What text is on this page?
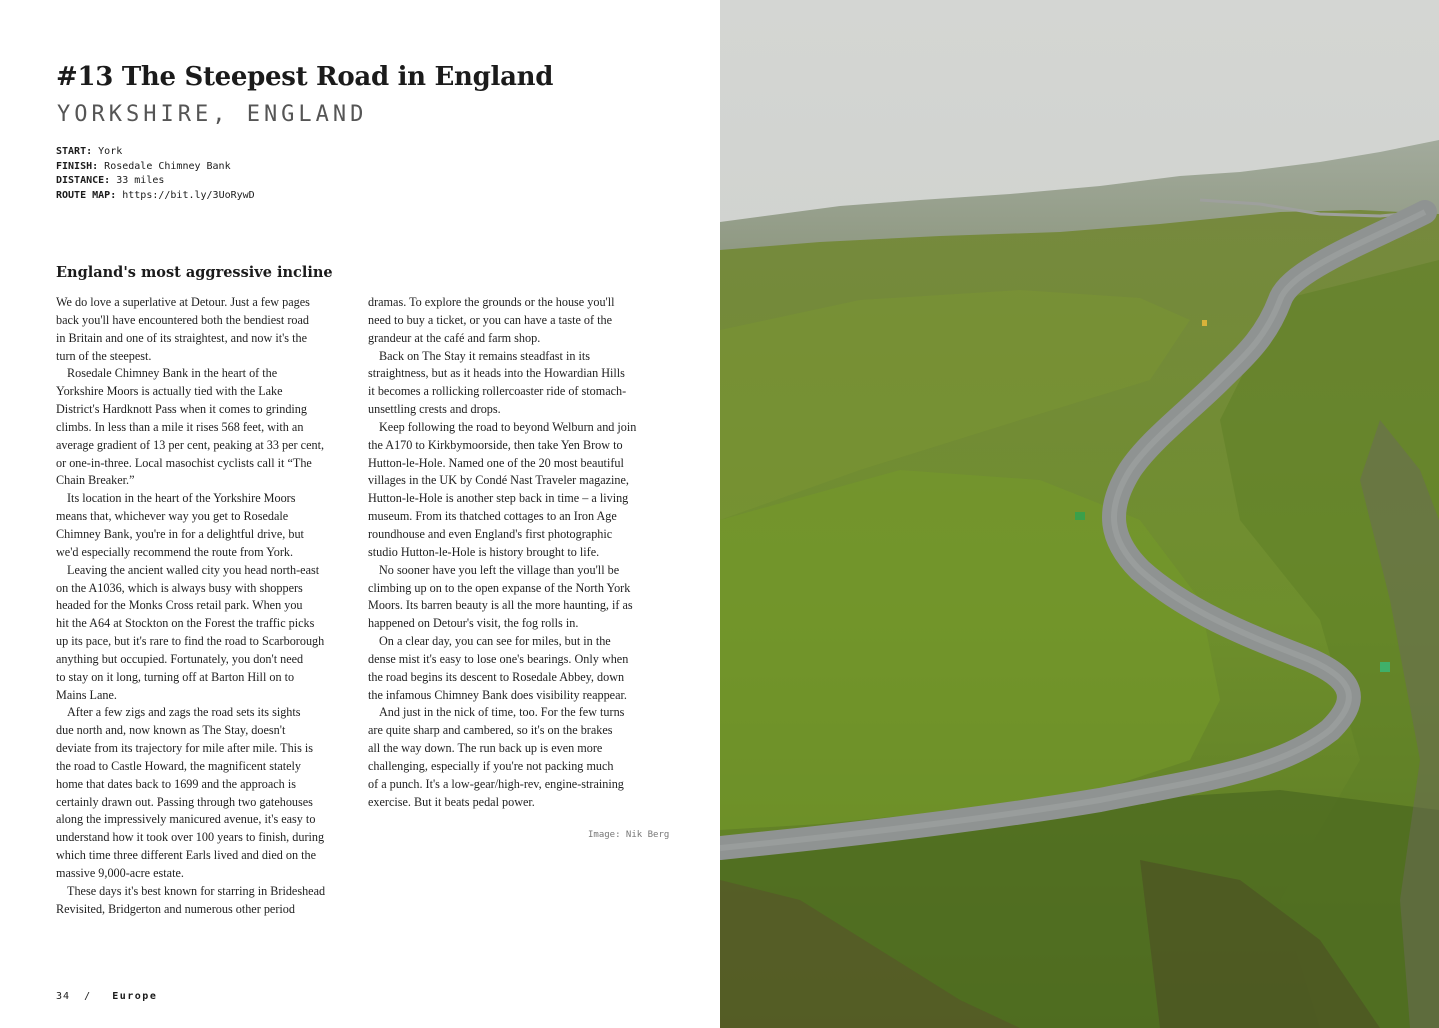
#13 The Steepest Road in England
YORKSHIRE, ENGLAND
START: York
FINISH: Rosedale Chimney Bank
DISTANCE: 33 miles
ROUTE MAP: https://bit.ly/3UoRywD
England's most aggressive incline
We do love a superlative at Detour. Just a few pages
back you'll have encountered both the bendiest road
in Britain and one of its straightest, and now it's the
turn of the steepest.
Rosedale Chimney Bank in the heart of the
Yorkshire Moors is actually tied with the Lake
District's Hardknott Pass when it comes to grinding
climbs. In less than a mile it rises 568 feet, with an
average gradient of 13 per cent, peaking at 33 per cent,
or one-in-three. Local masochist cyclists call it “The
Chain Breaker.”
Its location in the heart of the Yorkshire Moors
means that, whichever way you get to Rosedale
Chimney Bank, you're in for a delightful drive, but
we'd especially recommend the route from York.
Leaving the ancient walled city you head north-east
on the A1036, which is always busy with shoppers
headed for the Monks Cross retail park. When you
hit the A64 at Stockton on the Forest the traffic picks
up its pace, but it's rare to find the road to Scarborough
anything but occupied. Fortunately, you don't need
to stay on it long, turning off at Barton Hill on to
Mains Lane.
After a few zigs and zags the road sets its sights
due north and, now known as The Stay, doesn't
deviate from its trajectory for mile after mile. This is
the road to Castle Howard, the magnificent stately
home that dates back to 1699 and the approach is
certainly drawn out. Passing through two gatehouses
along the impressively manicured avenue, it's easy to
understand how it took over 100 years to finish, during
which time three different Earls lived and died on the
massive 9,000-acre estate.
These days it's best known for starring in Brideshead
Revisited, Bridgerton and numerous other period
dramas. To explore the grounds or the house you'll
need to buy a ticket, or you can have a taste of the
grandeur at the café and farm shop.
Back on The Stay it remains steadfast in its
straightness, but as it heads into the Howardian Hills
it becomes a rollicking rollercoaster ride of stomach-
unsettling crests and drops.
Keep following the road to beyond Welburn and join
the A170 to Kirkbymoorside, then take Yen Brow to
Hutton-le-Hole. Named one of the 20 most beautiful
villages in the UK by Condé Nast Traveler magazine,
Hutton-le-Hole is another step back in time – a living
museum. From its thatched cottages to an Iron Age
roundhouse and even England's first photographic
studio Hutton-le-Hole is history brought to life.
No sooner have you left the village than you'll be
climbing up on to the open expanse of the North York
Moors. Its barren beauty is all the more haunting, if as
happened on Detour's visit, the fog rolls in.
On a clear day, you can see for miles, but in the
dense mist it's easy to lose one's bearings. Only when
the road begins its descent to Rosedale Abbey, down
the infamous Chimney Bank does visibility reappear.
And just in the nick of time, too. For the few turns
are quite sharp and cambered, so it's on the brakes
all the way down. The run back up is even more
challenging, especially if you're not packing much
of a punch. It's a low-gear/high-rev, engine-straining
exercise. But it beats pedal power.
Image: Nik Berg
34 / Europe
